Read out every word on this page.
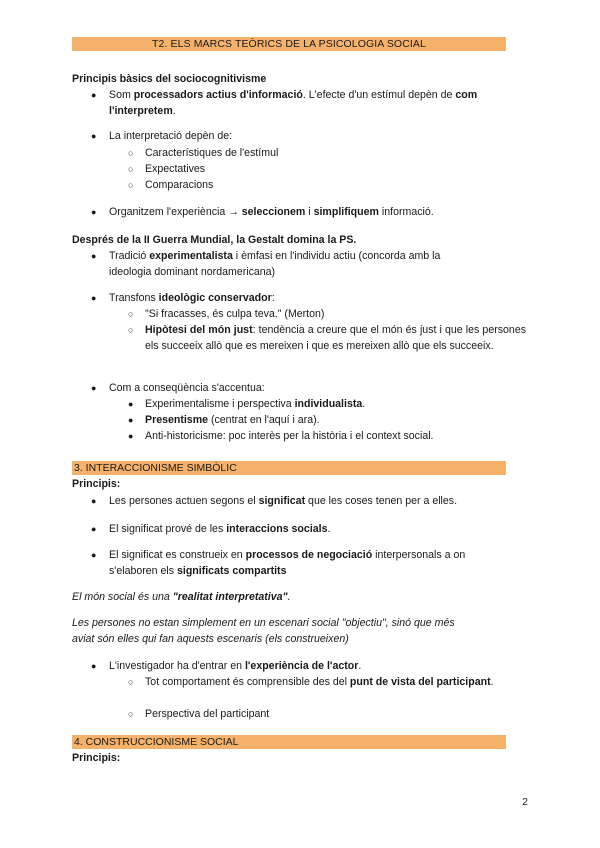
T2. ELS MARCS TEÒRICS DE LA PSICOLOGIA SOCIAL
Principis bàsics del sociocognitivisme
● Som processadors actius d'informació. L'efecte d'un estímul depèn de com
l'interpretem.
● La interpretació depèn de:
○ Característiques de l'estímul
○ Expectatives
○ Comparacions
● Organitzem l'experiència → seleccionem i simplifiquem informació.
Després de la II Guerra Mundial, la Gestalt domina la PS.
● Tradició experimentalista i èmfasi en l'individu actiu (concorda amb la
ideologia dominant nordamericana)
● Transfons ideològic conservador:
○ "Si fracasses, és culpa teva." (Merton)
○ Hipòtesi del món just: tendència a creure que el món és just i que les persones els succeeix allò que es mereixen i que es mereixen allò que els succeeix.
● Com a conseqüència s'accentua:
● Experimentalisme i perspectiva individualista.
● Presentisme (centrat en l'aquí i ara).
● Anti-historicisme: poc interès per la història i el context social.
3. INTERACCIONISME SIMBÒLIC
Principis:
● Les persones actuen segons el significat que les coses tenen per a elles.
● El significat prové de les interaccions socials.
● El significat es construeix en processos de negociació interpersonals a on
s'elaboren els significats compartits
El món social és una "realitat interpretativa".
Les persones no estan simplement en un escenari social "objectiu", sinó que més
aviat són elles qui fan aquests escenaris (els construeixen)
● L'investigador ha d'entrar en l'experiència de l'actor.
○ Tot comportament és comprensible des del punt de vista del participant.
○ Perspectiva del participant
4. CONSTRUCCIONISME SOCIAL
Principis:
2
